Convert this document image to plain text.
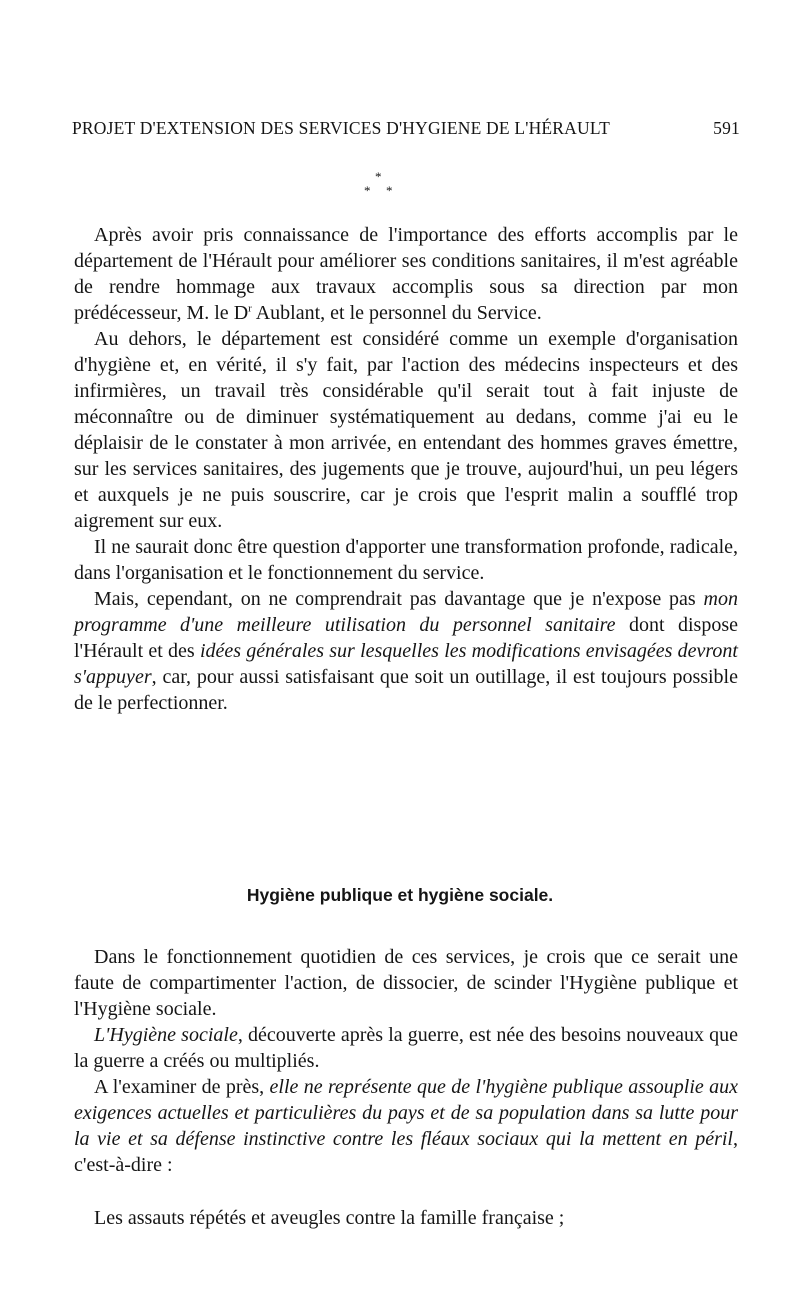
PROJET D'EXTENSION DES SERVICES D'HYGIENE DE L'HÉRAULT	591
*
* *

Après avoir pris connaissance de l'importance des efforts accomplis par le département de l'Hérault pour améliorer ses conditions sanitaires, il m'est agréable de rendre hommage aux travaux accomplis sous sa direction par mon prédécesseur, M. le $D^r$ Aublant, et le personnel du Service.

Au dehors, le département est considéré comme un exemple d'organisation d'hygiène et, en vérité, il s'y fait, par l'action des médecins inspecteurs et des infirmières, un travail très considérable qu'il serait tout à fait injuste de méconnaître ou de diminuer systématiquement au dedans, comme j'ai eu le déplaisir de le constater à mon arrivée, en entendant des hommes graves émettre, sur les services sanitaires, des jugements que je trouve, aujourd'hui, un peu légers et auxquels je ne puis souscrire, car je crois que l'esprit malin a soufflé trop aigrement sur eux.

Il ne saurait donc être question d'apporter une transformation profonde, radicale, dans l'organisation et le fonctionnement du service.

Mais, cependant, on ne comprendrait pas davantage que je n'expose pas mon programme d'une meilleure utilisation du personnel sanitaire dont dispose l'Hérault et des idées générales sur lesquelles les modifications envisagées devront s'appuyer, car, pour aussi satisfaisant que soit un outillage, il est toujours possible de le perfectionner.

Hygiène publique et hygiène sociale.

Dans le fonctionnement quotidien de ces services, je crois que ce serait une faute de compartimenter l'action, de dissocier, de scinder l'Hygiène publique et l'Hygiène sociale.

L'Hygiène sociale, découverte après la guerre, est née des besoins nouveaux que la guerre a créés ou multipliés.

A l'examiner de près, elle ne représente que de l'hygiène publique assouplie aux exigences actuelles et particulières du pays et de sa population dans sa lutte pour la vie et sa défense instinctive contre les fléaux sociaux qui la mettent en péril, c'est-à-dire :

Les assauts répétés et aveugles contre la famille française ;
